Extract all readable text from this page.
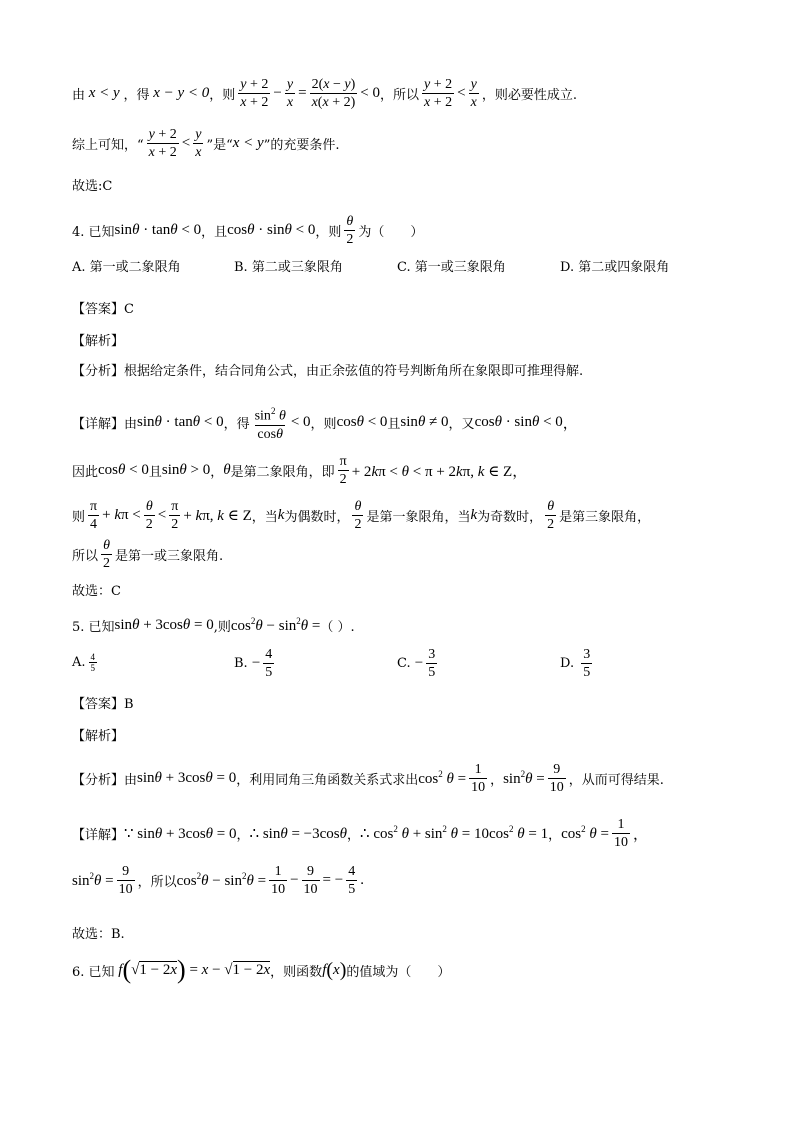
由 x < y ，得 x − y < 0 ，则 $\frac{y + 2}{x + 2} - \frac{y}{x} = \frac{2(x - y)}{x(x + 2)} < 0$ ，所以 $\frac{y + 2}{x + 2} < \frac{y}{x}$ ，则必要性成立.
综上可知，“ $\frac{y + 2}{x + 2} < \frac{y}{x}$ ”是“ x < y ”的充要条件.
故选:C
4. 已知 sinθ · tanθ < 0 ，且 cosθ · sinθ < 0 ，则 $\frac{\theta}{2}$ 为（　　）
A. 第一或二象限角	B. 第二或三象限角	C. 第一或三象限角	D. 第二或四象限角
【答案】C
【解析】
【分析】根据给定条件，结合同角公式，由正余弦值的符号判断角所在象限即可推理得解.
【详解】由 sinθ · tanθ < 0 ，得 $\frac{\sin^2 \theta}{\cos\theta} < 0$ ，则 cosθ < 0 且 sinθ ≠ 0 ，又 cosθ · sinθ < 0 ，
因此 cosθ < 0 且 sinθ > 0 ， θ 是第二象限角，即 $\frac{\pi}{2} + 2k\pi < \theta < \pi + 2k\pi$, k ∈ Z，
则 $\frac{\pi}{4} + k\pi < \frac{\theta}{2} < \frac{\pi}{2} + k\pi$, k ∈ Z ，当 k 为偶数时， $\frac{\theta}{2}$ 是第一象限角，当 k 为奇数时， $\frac{\theta}{2}$ 是第三象限角，
所以 $\frac{\theta}{2}$ 是第一或三象限角.
故选：C
5. 已知 sinθ + 3cosθ = 0 ,则 $\cos^2\theta - \sin^2\theta$ = （ ）.
A. $\frac{4}{5}$	B.
− $\frac{4}{5}$	C.
− $\frac{3}{5}$	D.
$\frac{3}{5}$
【答案】B
【解析】
【分析】由 sinθ + 3cosθ = 0 ，利用同角三角函数关系式求出 $\cos^2 \theta = \frac{1}{10}$ ， $\sin^2\theta = \frac{9}{10}$ ，从而可得结果.
【详解】 ∵ sinθ + 3cosθ = 0 ， ∴ sinθ = −3cosθ ， ∴ $\cos^2 \theta + \sin^2 \theta = 10\cos^2$ θ = 1 ， $\cos^2 \theta = \frac{1}{10}$ ，
$\sin^2\theta = \frac{9}{10}$ ，所以 $\cos^2\theta - \sin^2\theta = \frac{1}{10} - \frac{9}{10}$ = − $\frac{4}{5}$ .
故选：B.
6. 已知 f ( √1 − 2x ) = x − √1 − 2x ，则函数 f ( x ) 的值域为（　　）
